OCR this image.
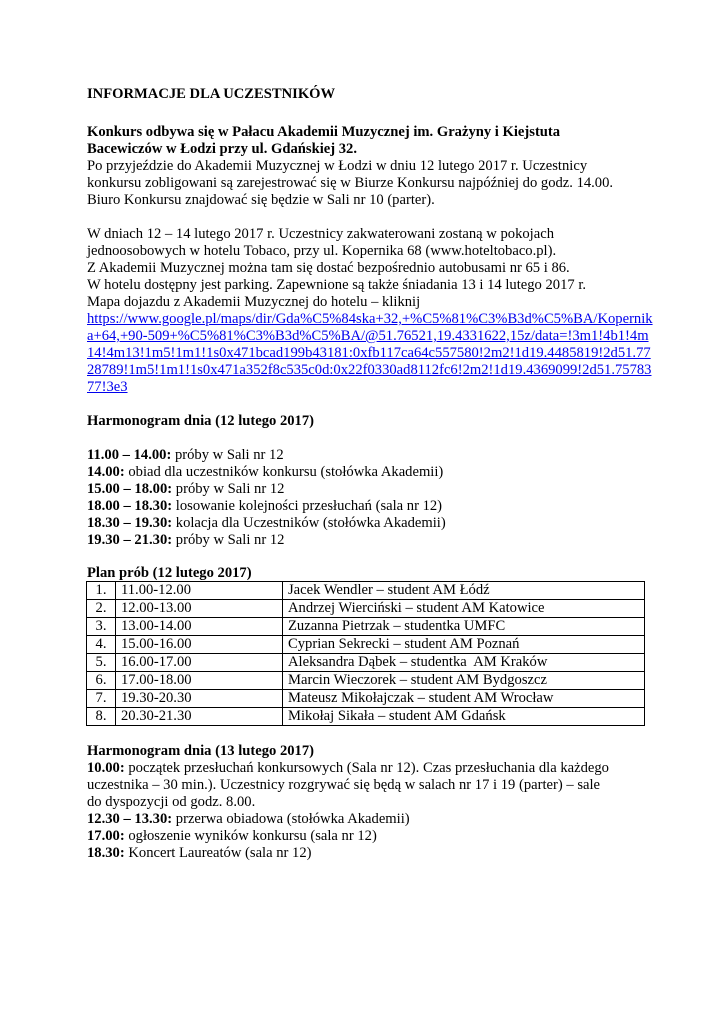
INFORMACJE DLA UCZESTNIKÓW

Konkurs odbywa się w Pałacu Akademii Muzycznej im. Grażyny i Kiejstuta Bacewiczów w Łodzi przy ul. Gdańskiej 32.

Po przyjeździe do Akademii Muzycznej w Łodzi w dniu 12 lutego 2017 r. Uczestnicy konkursu zobligowani są zarejestrować się w Biurze Konkursu najpóźniej do godz. 14.00.

Biuro Konkursu znajdować się będzie w Sali nr 10 (parter).

W dniach 12 – 14 lutego 2017 r. Uczestnicy zakwaterowani zostaną w pokojach jednoosobowych w hotelu Tobaco, przy ul. Kopernika 68 (www.hoteltobaco.pl).

Z Akademii Muzycznej można tam się dostać bezpośrednio autobusami nr 65 i 86.

W hotelu dostępny jest parking. Zapewnione są także śniadania 13 i 14 lutego 2017 r.

Mapa dojazdu z Akademii Muzycznej do hotelu – kliknij

https://www.google.pl/maps/dir/Gda%C5%84ska+32,+%C5%81%C3%B3d%C5%BA/Kopernika+64,+90-509+%C5%81%C3%B3d%C5%BA/@51.76521,19.4331622,15z/data=!3m1!4b1!4m14!4m13!1m5!1m1!1s0x471bcad199b43181:0xfb117ca64c557580!2m2!1d19.4485819!2d51.7728789!1m5!1m1!1s0x471a352f8c535c0d:0x22f0330ad8112fc6!2m2!1d19.4369099!2d51.7578377!3e3

Harmonogram dnia (12 lutego 2017)

11.00 – 14.00: próby w Sali nr 12

14.00: obiad dla uczestników konkursu (stołówka Akademii)

15.00 – 18.00: próby w Sali nr 12

18.00 – 18.30: losowanie kolejności przesłuchań (sala nr 12)

18.30 – 19.30: kolacja dla Uczestników (stołówka Akademii)

19.30 – 21.30: próby w Sali nr 12

Plan prób (12 lutego 2017)

1.	11.00-12.00	Jacek Wendler – student AM Łódź
2.	12.00-13.00	Andrzej Wierciński – student AM Katowice
3.	13.00-14.00	Zuzanna Pietrzak – studentka UMFC
4.	15.00-16.00	Cyprian Sekrecki – student AM Poznań
5.	16.00-17.00	Aleksandra Dąbek – studentka  AM Kraków
6.	17.00-18.00	Marcin Wieczorek – student AM Bydgoszcz
7.	19.30-20.30	Mateusz Mikołajczak – student AM Wrocław
8.	20.30-21.30	Mikołaj Sikała – student AM Gdańsk

Harmonogram dnia (13 lutego 2017)

10.00: początek przesłuchań konkursowych (Sala nr 12). Czas przesłuchania dla każdego uczestnika – 30 min.). Uczestnicy rozgrywać się będą w salach nr 17 i 19 (parter) – sale do dyspozycji od godz. 8.00.

12.30 – 13.30: przerwa obiadowa (stołówka Akademii)

17.00: ogłoszenie wyników konkursu (sala nr 12)

18.30: Koncert Laureatów (sala nr 12)
